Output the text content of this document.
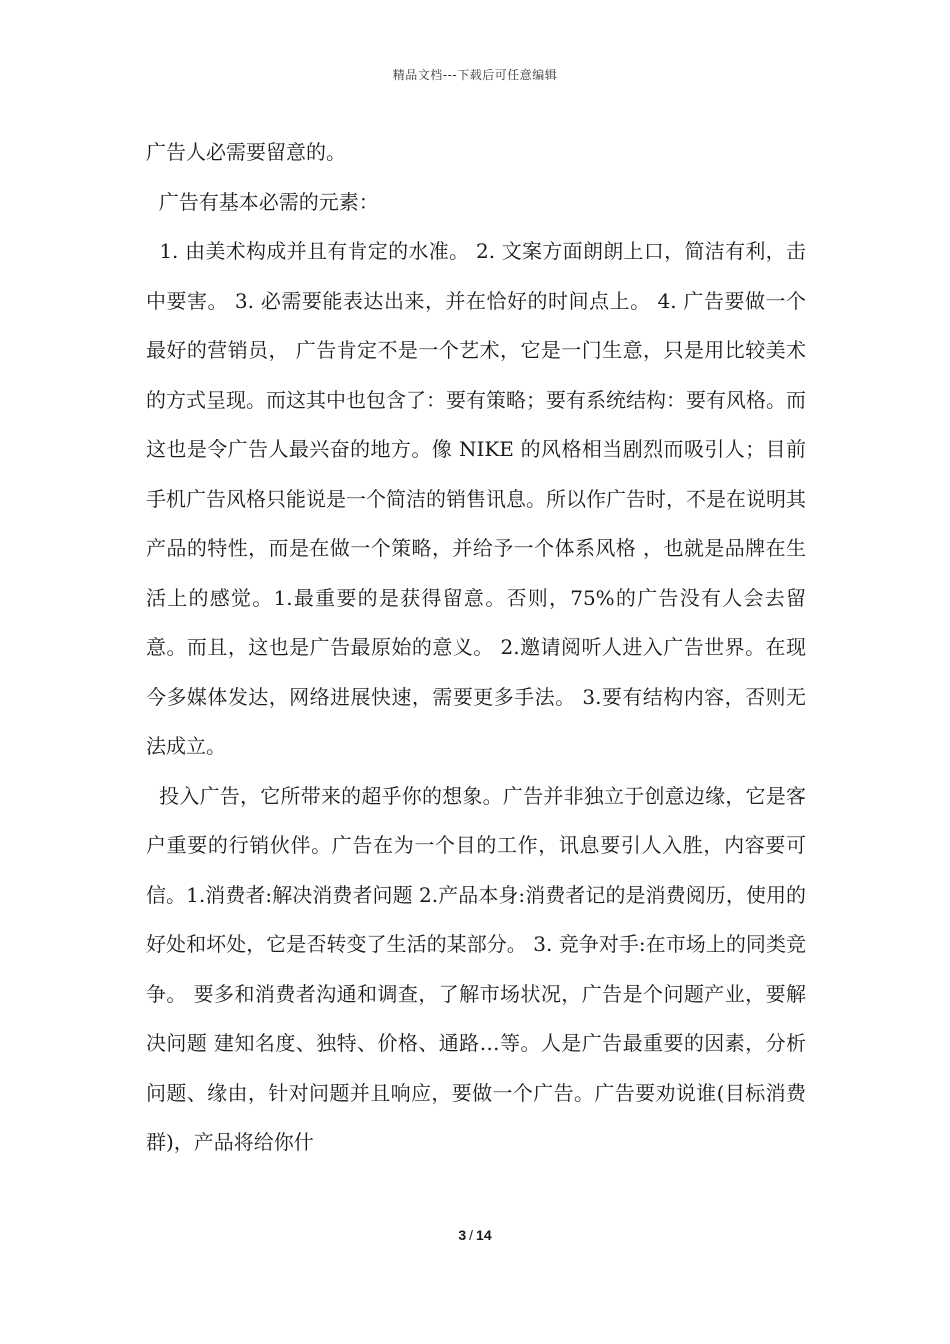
精品文档---下载后可任意编辑

广告人必需要留意的。

广告有基本必需的元素：

1. 由美术构成并且有肯定的水准。 2. 文案方面朗朗上口，简洁有利，击中要害。 3. 必需要能表达出来，并在恰好的时间点上。 4. 广告要做一个最好的营销员， 广告肯定不是一个艺术，它是一门生意，只是用比较美术的方式呈现。而这其中也包含了：要有策略；要有系统结构：要有风格。而这也是令广告人最兴奋的地方。像 NIKE 的风格相当剧烈而吸引人；目前手机广告风格只能说是一个简洁的销售讯息。所以作广告时，不是在说明其产品的特性，而是在做一个策略，并给予一个体系风格 ，也就是品牌在生活上的感觉。1.最重要的是获得留意。否则，75%的广告没有人会去留意。而且，这也是广告最原始的意义。 2.邀请阅听人进入广告世界。在现今多媒体发达，网络进展快速，需要更多手法。 3.要有结构内容，否则无法成立。

投入广告，它所带来的超乎你的想象。广告并非独立于创意边缘，它是客户重要的行销伙伴。广告在为一个目的工作，讯息要引人入胜，内容要可信。1.消费者:解决消费者问题 2.产品本身:消费者记的是消费阅历，使用的好处和坏处，它是否转变了生活的某部分。 3. 竞争对手:在市场上的同类竞争。 要多和消费者沟通和调查，了解市场状况，广告是个问题产业，要解决问题 建知名度、独特、价格、通路…等。人是广告最重要的因素，分析问题、缘由，针对问题并且响应，要做一个广告。广告要劝说谁(目标消费群)，产品将给你什

3 / 14
